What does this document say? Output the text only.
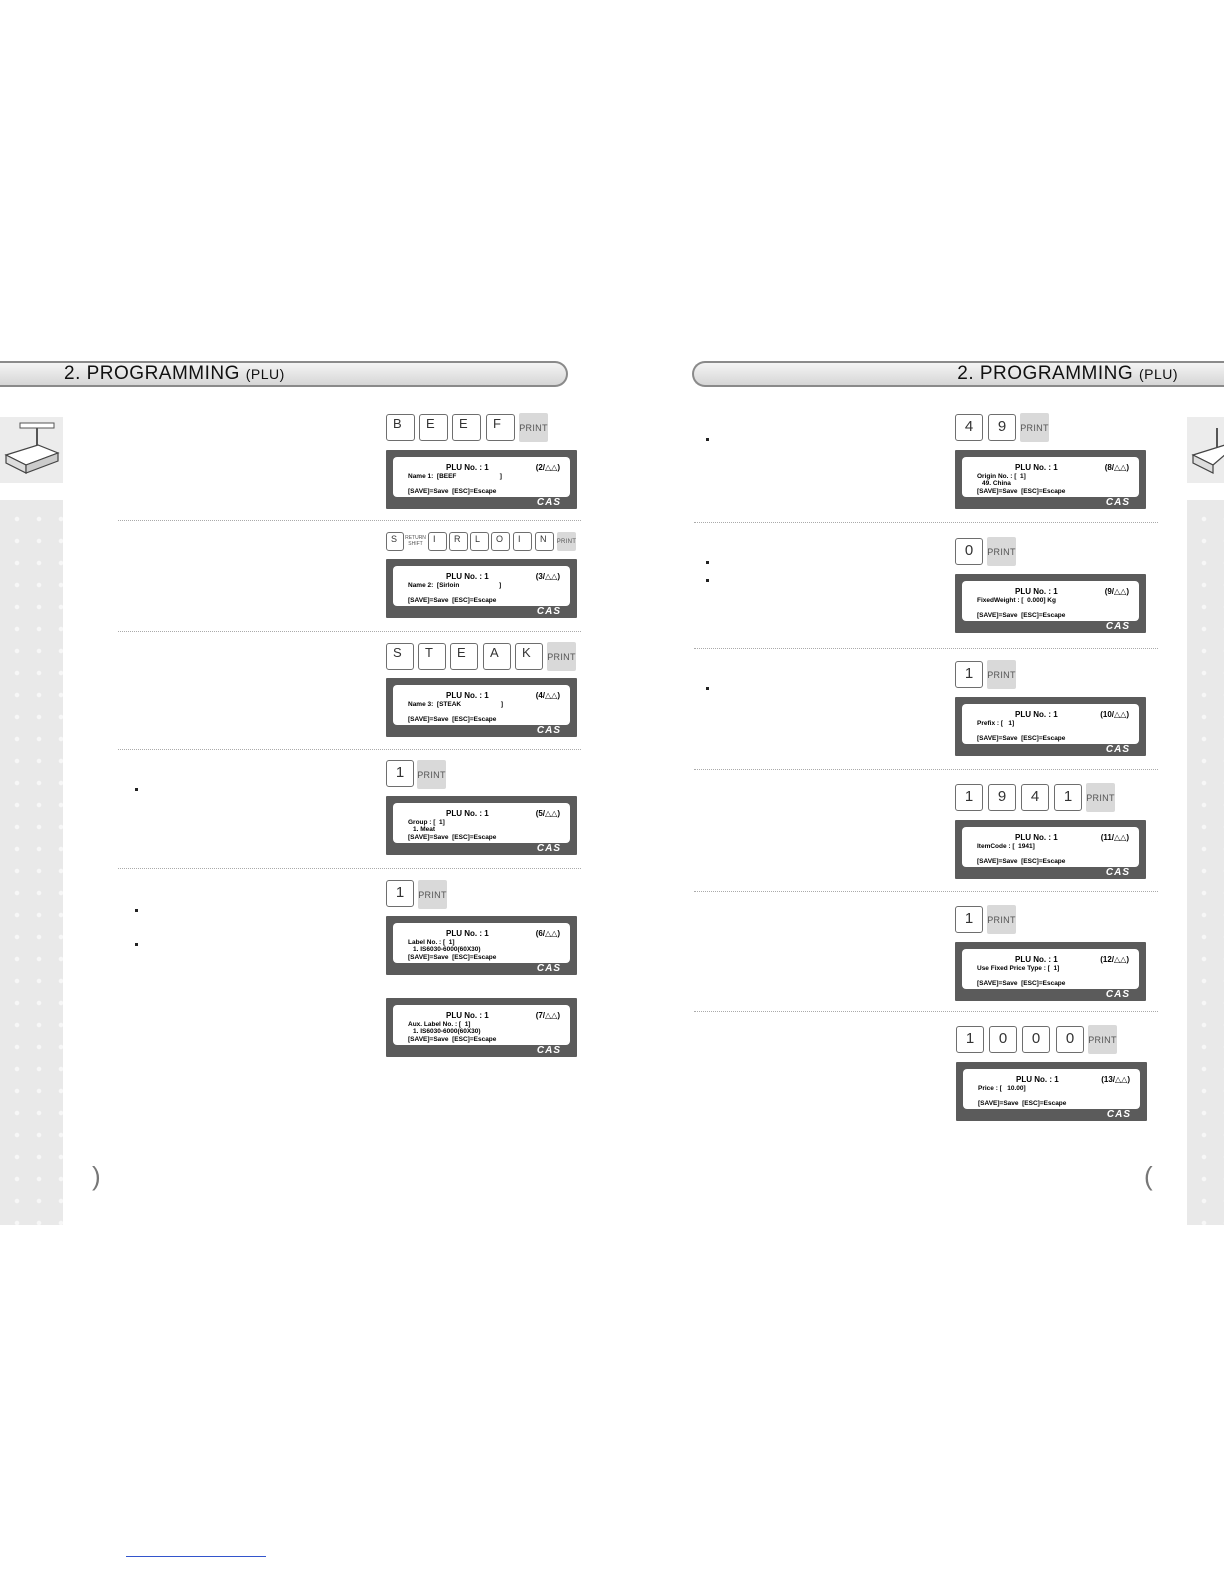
2. PROGRAMMING (PLU)	2. PROGRAMMING (PLU)
B	E	E	F	PRINT
PLU No. : 1	(2/△△)
Name 1:  [BEEF                        ]
[SAVE]=Save  [ESC]=Escape
CAS
S	RETURN
SHIFT	I	R	L	O	I	N	PRINT
PLU No. : 1	(3/△△)
Name 2:  [Sirloin                      ]
[SAVE]=Save  [ESC]=Escape
CAS
S	T	E	A	K	PRINT
PLU No. : 1	(4/△△)
Name 3:  [STEAK                      ]
[SAVE]=Save  [ESC]=Escape
CAS
1	PRINT
PLU No. : 1	(5/△△)
Group : [  1]
1. Meat
[SAVE]=Save  [ESC]=Escape
CAS
1	PRINT
PLU No. : 1	(6/△△)
Label No. : [  1]
1. IS6030-6000(60X30)
[SAVE]=Save  [ESC]=Escape
CAS
PLU No. : 1	(7/△△)
Aux. Label No. : [  1]
1. IS6030-6000(60X30)
[SAVE]=Save  [ESC]=Escape
CAS
4	9	PRINT
PLU No. : 1	(8/△△)
Origin No. : [  1]
49. China
[SAVE]=Save  [ESC]=Escape
CAS
0	PRINT
PLU No. : 1	(9/△△)
FixedWeight : [  0.000] Kg
[SAVE]=Save  [ESC]=Escape
CAS
1	PRINT
PLU No. : 1	(10/△△)
Prefix : [   1]
[SAVE]=Save  [ESC]=Escape
CAS
1	9	4	1	PRINT
PLU No. : 1	(11/△△)
ItemCode : [  1941]
[SAVE]=Save  [ESC]=Escape
CAS
1	PRINT
PLU No. : 1	(12/△△)
Use Fixed Price Type : [  1]
[SAVE]=Save  [ESC]=Escape
CAS
1	0	0	0	PRINT
PLU No. : 1	(13/△△)
Price : [   10.00]
[SAVE]=Save  [ESC]=Escape
CAS
)	(
